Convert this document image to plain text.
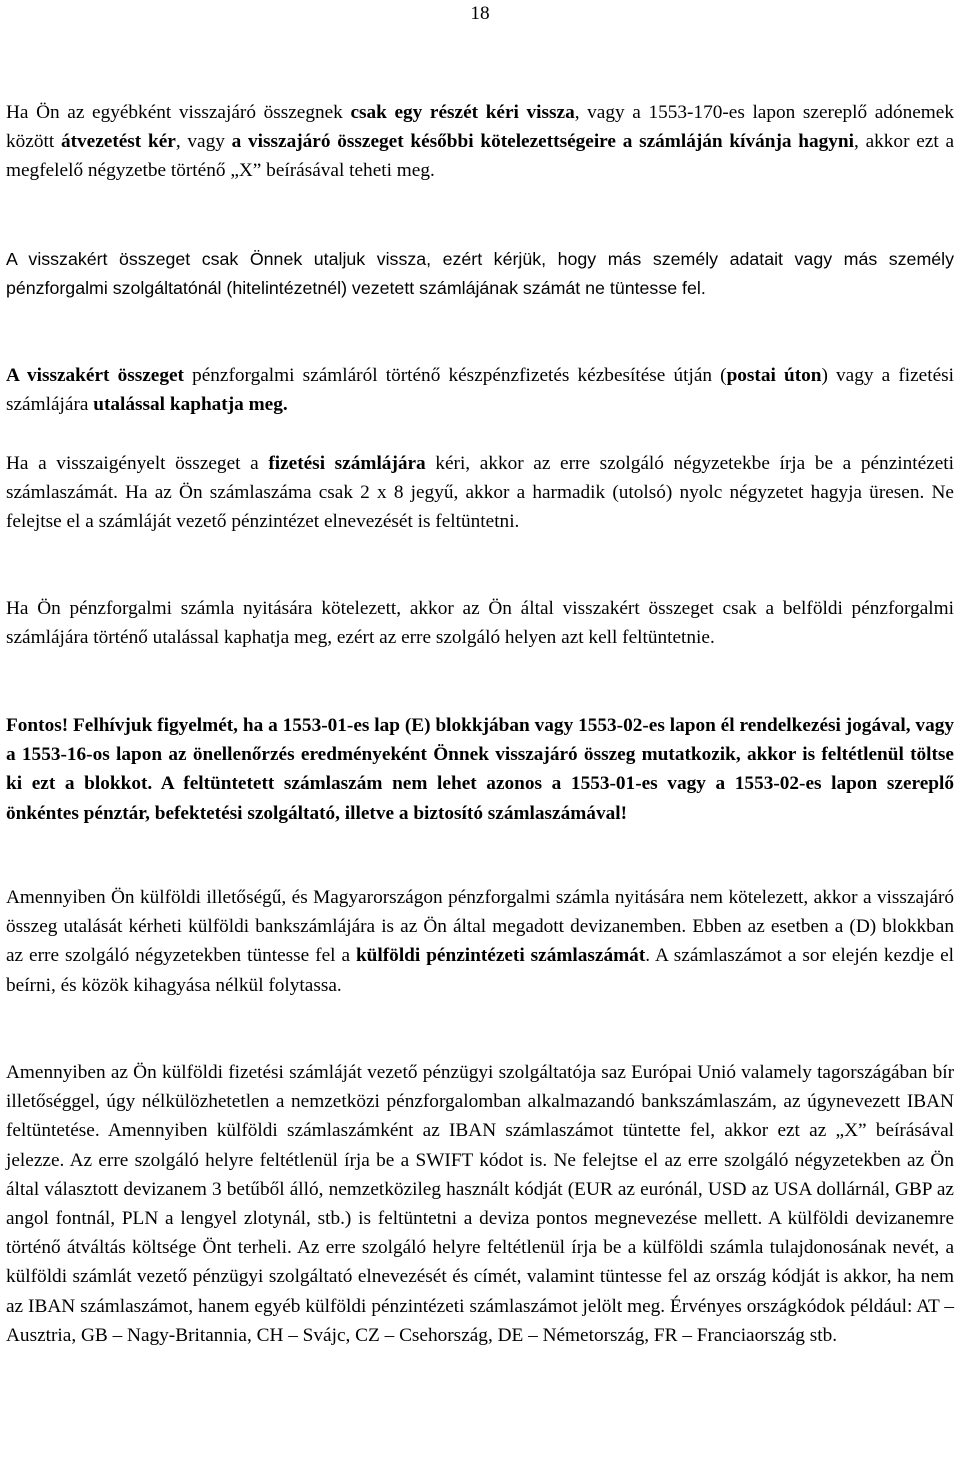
18

Ha Ön az egyébként visszajáró összegnek csak egy részét kéri vissza, vagy a 1553-170-es lapon szereplő adónemek között átvezetést kér, vagy a visszajáró összeget későbbi kötelezettségeire a számláján kívánja hagyni, akkor ezt a megfelelő négyzetbe történő „X” beírásával teheti meg.

A visszakért összeget csak Önnek utaljuk vissza, ezért kérjük, hogy más személy adatait vagy más személy pénzforgalmi szolgáltatónál (hitelintézetnél) vezetett számlájának számát ne tüntesse fel.

A visszakért összeget pénzforgalmi számláról történő készpénzfizetés kézbesítése útján (postai úton) vagy a fizetési számlájára utalással kaphatja meg.

Ha a visszaigényelt összeget a fizetési számlájára kéri, akkor az erre szolgáló négyzetekbe írja be a pénzintézeti számlaszámát. Ha az Ön számlaszáma csak 2 x 8 jegyű, akkor a harmadik (utolsó) nyolc négyzetet hagyja üresen. Ne felejtse el a számláját vezető pénzintézet elnevezését is feltüntetni.

Ha Ön pénzforgalmi számla nyitására kötelezett, akkor az Ön által visszakért összeget csak a belföldi pénzforgalmi számlájára történő utalással kaphatja meg, ezért az erre szolgáló helyen azt kell feltüntetnie.

Fontos! Felhívjuk figyelmét, ha a 1553-01-es lap (E) blokkjában vagy 1553-02-es lapon él rendelkezési jogával, vagy a 1553-16-os lapon az önellenőrzés eredményeként Önnek visszajáró összeg mutatkozik, akkor is feltétlenül töltse ki ezt a blokkot. A feltüntetett számlaszám nem lehet azonos a 1553-01-es vagy a 1553-02-es lapon szereplő önkéntes pénztár, befektetési szolgáltató, illetve a biztosító számlaszámával!

Amennyiben Ön külföldi illetőségű, és Magyarországon pénzforgalmi számla nyitására nem kötelezett, akkor a visszajáró összeg utalását kérheti külföldi bankszámlájára is az Ön által megadott devizanemben. Ebben az esetben a (D) blokkban az erre szolgáló négyzetekben tüntesse fel a külföldi pénzintézeti számlaszámát. A számlaszámot a sor elején kezdje el beírni, és közök kihagyása nélkül folytassa.

Amennyiben az Ön külföldi fizetési számláját vezető pénzügyi szolgáltatója saz Európai Unió valamely tagországában bír illetőséggel, úgy nélkülözhetetlen a nemzetközi pénzforgalomban alkalmazandó bankszámlaszám, az úgynevezett IBAN feltüntetése. Amennyiben külföldi számlaszámként az IBAN számlaszámot tüntette fel, akkor ezt az „X” beírásával jelezze. Az erre szolgáló helyre feltétlenül írja be a SWIFT kódot is. Ne felejtse el az erre szolgáló négyzetekben az Ön által választott devizanem 3 betűből álló, nemzetközileg használt kódját (EUR az eurónál, USD az USA dollárnál, GBP az angol fontnál, PLN a lengyel zlotynál, stb.) is feltüntetni a deviza pontos megnevezése mellett. A külföldi devizanemre történő átváltás költsége Önt terheli. Az erre szolgáló helyre feltétlenül írja be a külföldi számla tulajdonosának nevét, a külföldi számlát vezető pénzügyi szolgáltató elnevezését és címét, valamint tüntesse fel az ország kódját is akkor, ha nem az IBAN számlaszámot, hanem egyéb külföldi pénzintézeti számlaszámot jelölt meg. Érvényes országkódok például: AT – Ausztria, GB – Nagy-Britannia, CH – Svájc, CZ – Csehország, DE – Németország, FR – Franciaország stb.
